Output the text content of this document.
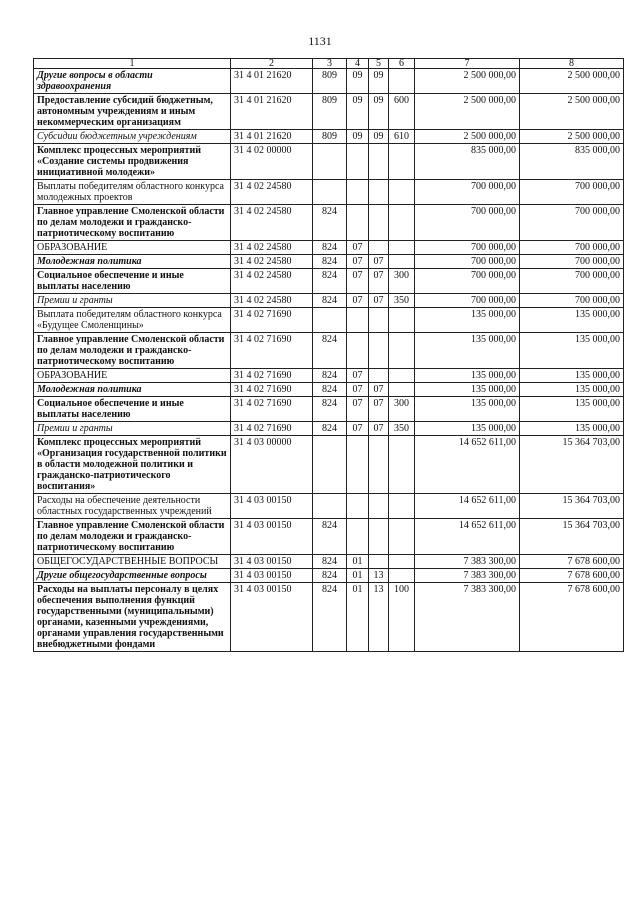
1131
1	2	3	4	5	6	7	8
Другие вопросы в области здравоохранения	31 4 01 21620	809	09	09		2 500 000,00	2 500 000,00
Предоставление субсидий бюджетным, автономным учреждениям и иным некоммерческим организациям	31 4 01 21620	809	09	09	600	2 500 000,00	2 500 000,00
Субсидии бюджетным учреждениям	31 4 01 21620	809	09	09	610	2 500 000,00	2 500 000,00
Комплекс процессных мероприятий «Создание системы продвижения инициативной молодежи»	31 4 02 00000					835 000,00	835 000,00
Выплаты победителям областного конкурса молодежных проектов	31 4 02 24580					700 000,00	700 000,00
Главное управление Смоленской области по делам молодежи и гражданско-патриотическому воспитанию	31 4 02 24580	824				700 000,00	700 000,00
ОБРАЗОВАНИЕ	31 4 02 24580	824	07			700 000,00	700 000,00
Молодежная политика	31 4 02 24580	824	07	07		700 000,00	700 000,00
Социальное обеспечение и иные выплаты населению	31 4 02 24580	824	07	07	300	700 000,00	700 000,00
Премии и гранты	31 4 02 24580	824	07	07	350	700 000,00	700 000,00
Выплата победителям областного конкурса «Будущее Смоленщины»	31 4 02 71690					135 000,00	135 000,00
Главное управление Смоленской области по делам молодежи и гражданско-патриотическому воспитанию	31 4 02 71690	824				135 000,00	135 000,00
ОБРАЗОВАНИЕ	31 4 02 71690	824	07			135 000,00	135 000,00
Молодежная политика	31 4 02 71690	824	07	07		135 000,00	135 000,00
Социальное обеспечение и иные выплаты населению	31 4 02 71690	824	07	07	300	135 000,00	135 000,00
Премии и гранты	31 4 02 71690	824	07	07	350	135 000,00	135 000,00
Комплекс процессных мероприятий «Организация государственной политики в области молодежной политики и гражданско-патриотического воспитания»	31 4 03 00000					14 652 611,00	15 364 703,00
Расходы на обеспечение деятельности областных государственных учреждений	31 4 03 00150					14 652 611,00	15 364 703,00
Главное управление Смоленской области по делам молодежи и гражданско-патриотическому воспитанию	31 4 03 00150	824				14 652 611,00	15 364 703,00
ОБЩЕГОСУДАРСТВЕННЫЕ ВОПРОСЫ	31 4 03 00150	824	01			7 383 300,00	7 678 600,00
Другие общегосударственные вопросы	31 4 03 00150	824	01	13		7 383 300,00	7 678 600,00
Расходы на выплаты персоналу в целях обеспечения выполнения функций государственными (муниципальными) органами, казенными учреждениями, органами управления государственными внебюджетными фондами	31 4 03 00150	824	01	13	100	7 383 300,00	7 678 600,00
